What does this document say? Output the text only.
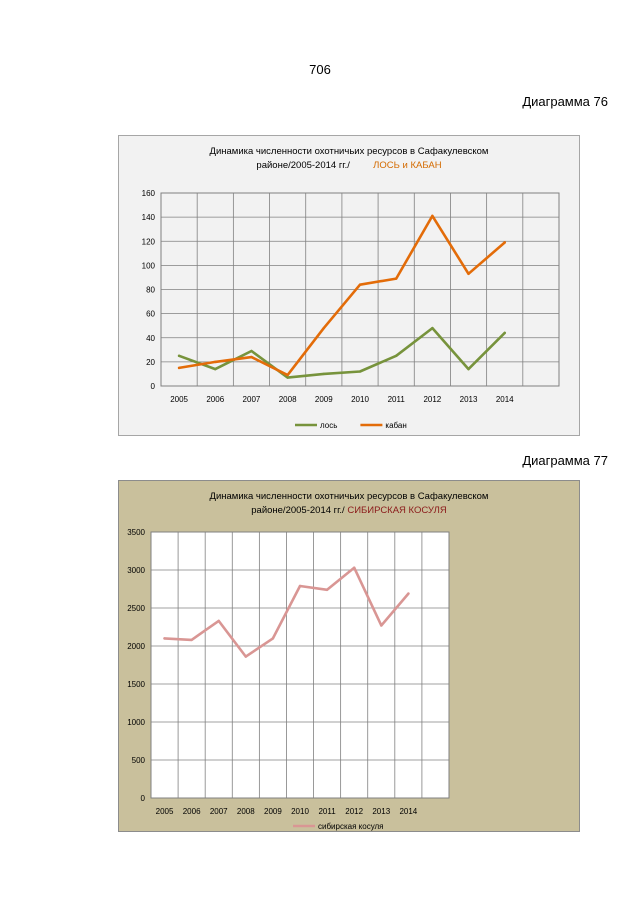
706
Диаграмма 76
Динамика численности охотничьих ресурсов в Сафакулевском
районе/2005-2014 гг./ ЛОСЬ и КАБАН
0
20
40
60
80
100
120
140
160
2005 2006 2007 2008 2009 2010 2011 2012 2013 2014
лось	кабан
Диаграмма 77
Динамика численности охотничьих ресурсов в Сафакулевском
районе/2005-2014 гг./ СИБИРСКАЯ КОСУЛЯ
0
500
1000
1500
2000
2500
3000
3500
2005 2006 2007 2008 2009 2010 2011 2012 2013 2014
сибирская косуля
